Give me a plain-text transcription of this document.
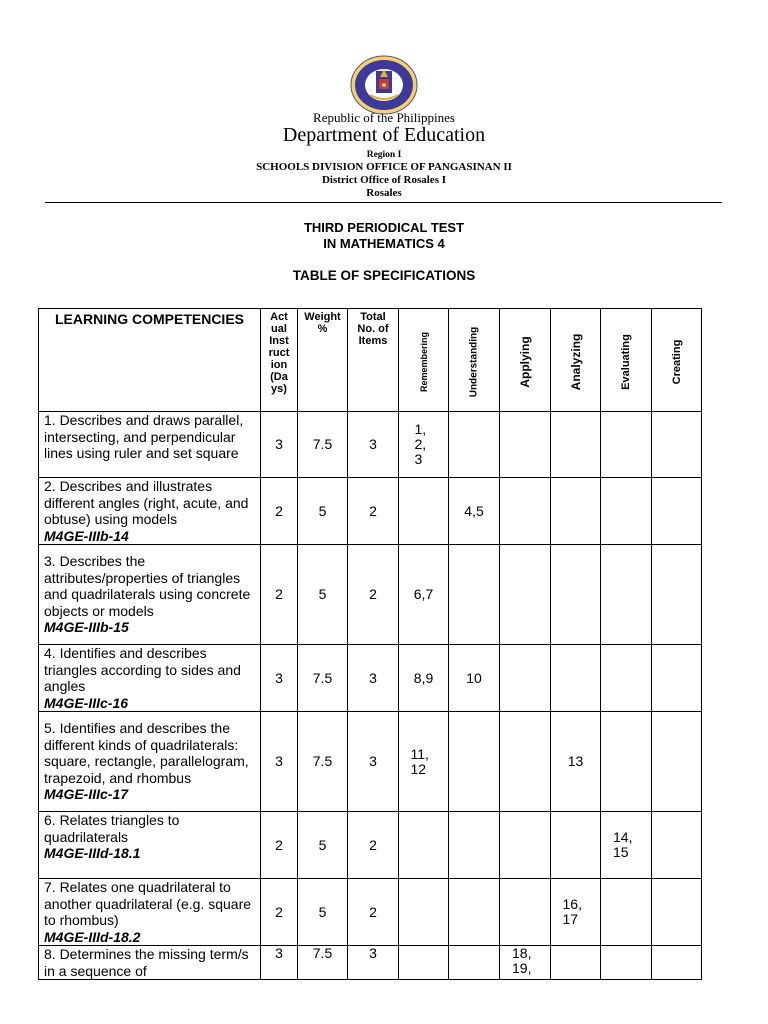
Republic of the Philippines
Department of Education
Region I
SCHOOLS DIVISION OFFICE OF PANGASINAN II
District Office of Rosales I
Rosales
THIRD PERIODICAL TEST
IN MATHEMATICS 4
TABLE OF SPECIFICATIONS
LEARNING COMPETENCIES	Act ual Inst ruct ion (Da ys)	Weight %	Total No. of Items	Remembering	Understanding	Applying	Analyzing	Evaluating	Creating

1. Describes and draws parallel, intersecting, and perpendicular lines using ruler and set square	3	7.5	3	1, 2, 3					
2. Describes and illustrates different angles (right, acute, and obtuse) using models
M4GE-IIIb-14	2	5	2		4,5				
3. Describes the attributes/properties of triangles and quadrilaterals using concrete objects or models
M4GE-IIIb-15	2	5	2	6,7					
4. Identifies and describes triangles according to sides and angles
M4GE-IIIc-16	3	7.5	3	8,9	10				
5. Identifies and describes the different kinds of quadrilaterals: square, rectangle, parallelogram, trapezoid, and rhombus
M4GE-IIIc-17	3	7.5	3	11, 12			13		
6. Relates triangles to quadrilaterals
M4GE-IIId-18.1	2	5	2					14, 15	
7. Relates one quadrilateral to another quadrilateral (e.g. square to rhombus)
M4GE-IIId-18.2	2	5	2				16, 17		
8. Determines the missing term/s in a sequence of	3	7.5	3			18, 19,			
